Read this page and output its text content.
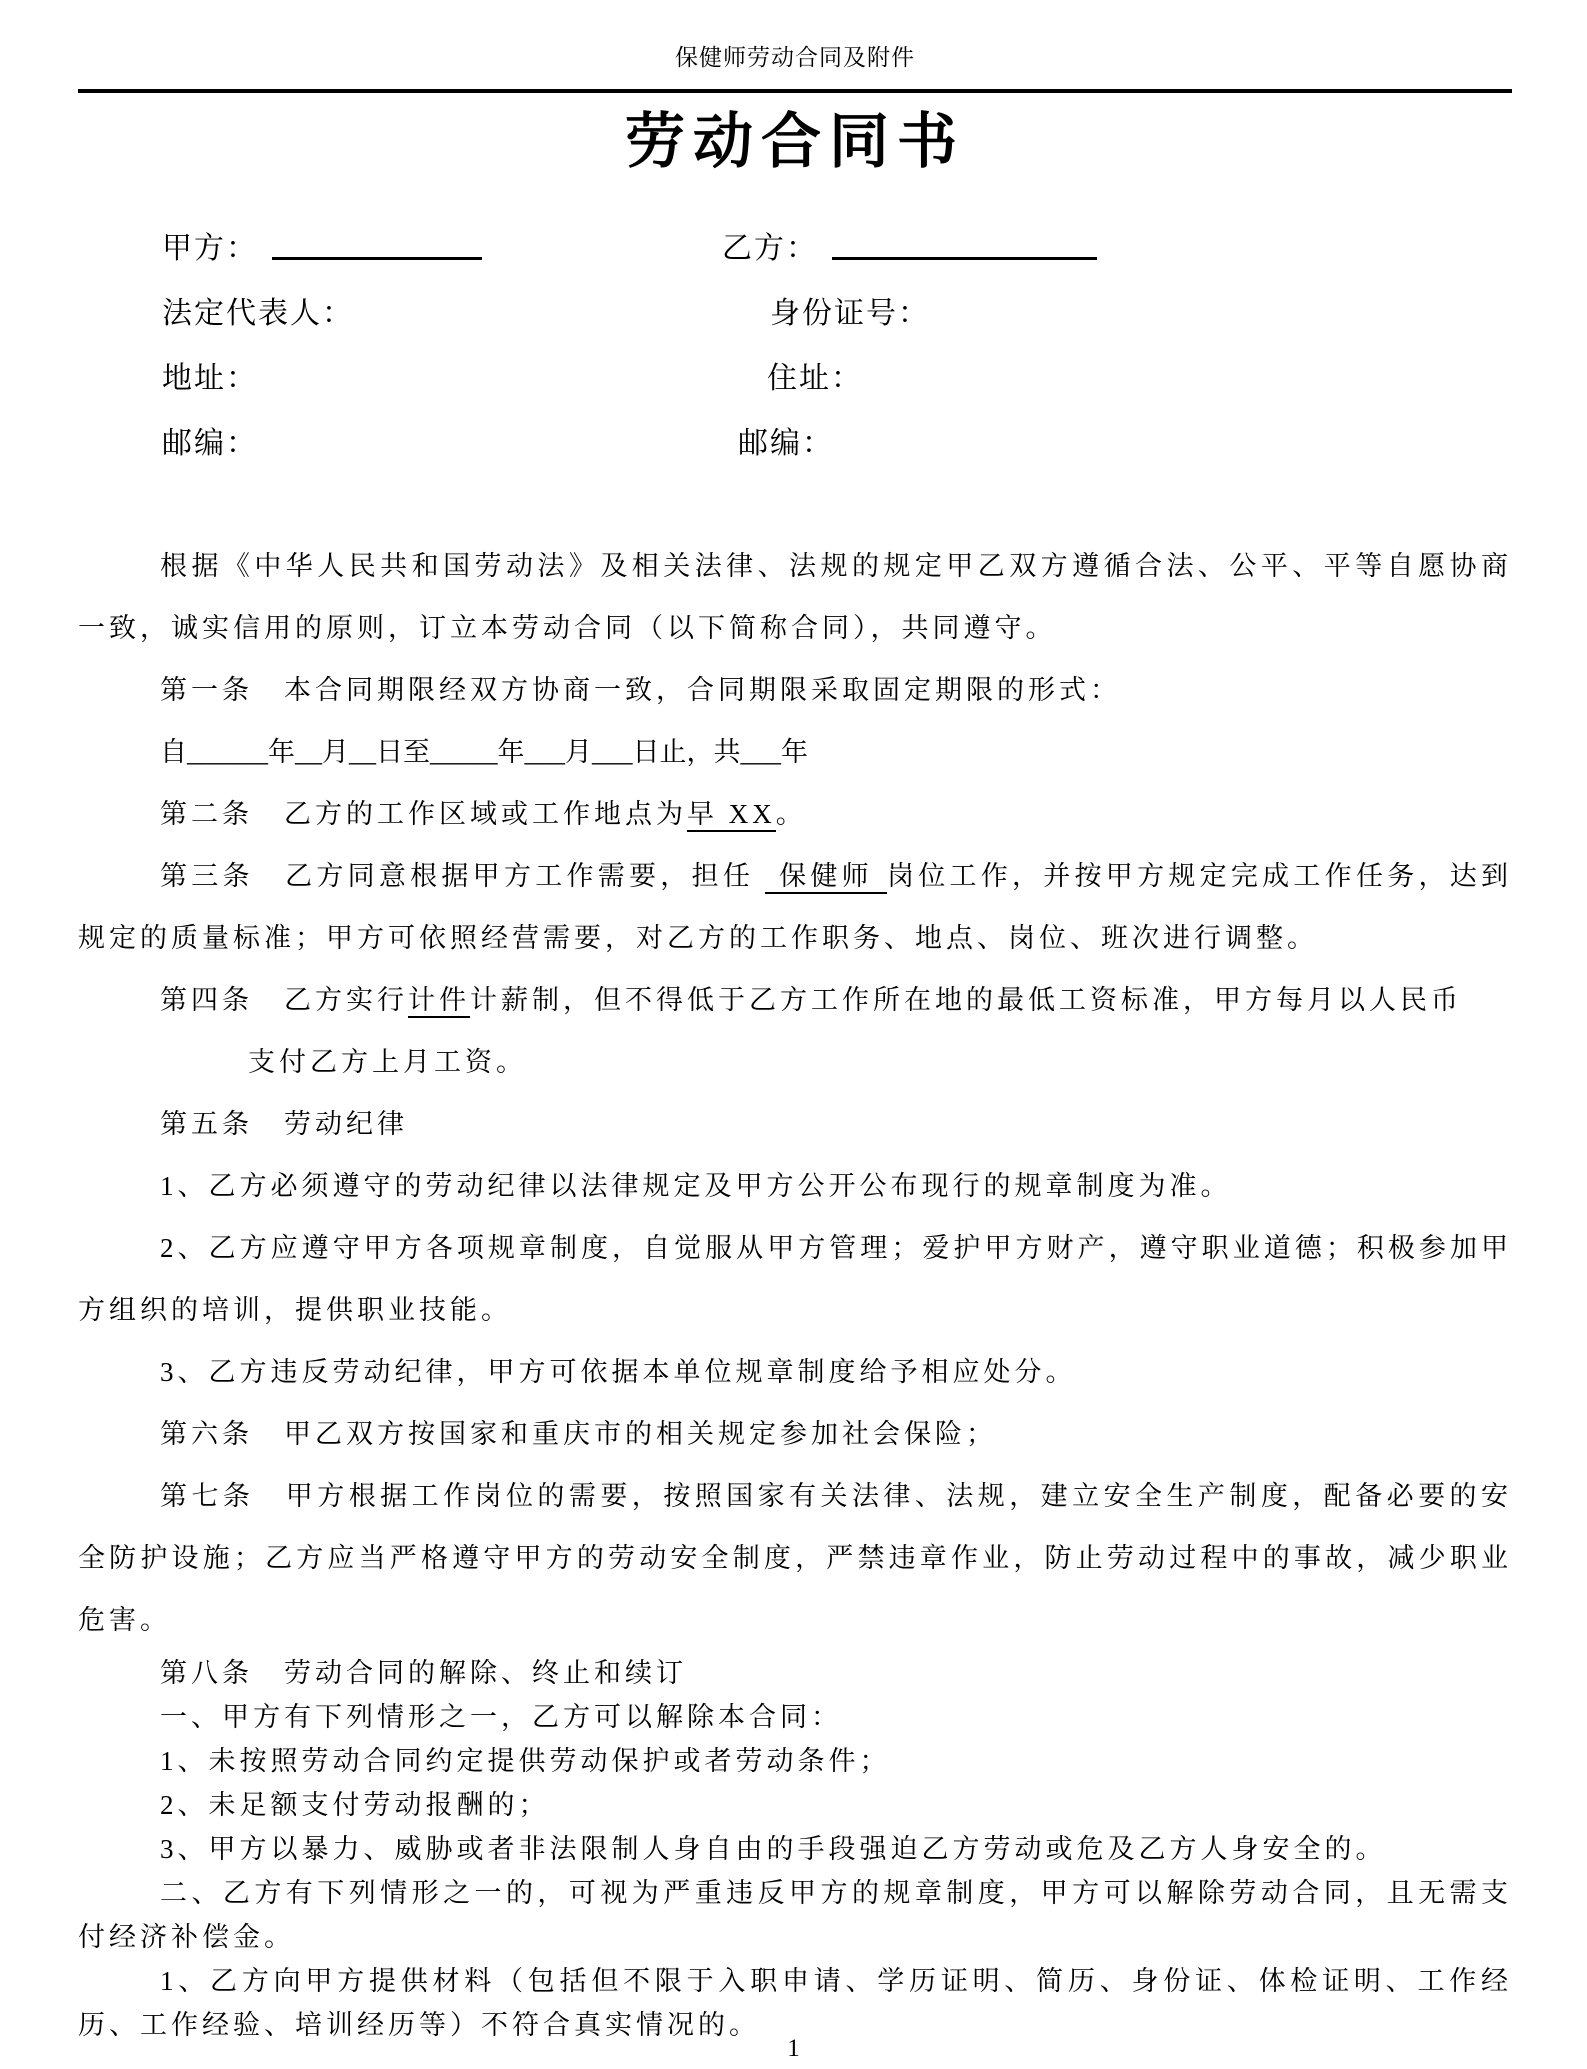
保健师劳动合同及附件
劳动合同书
甲方：	乙方：
法定代表人：	身份证号：
地址：	住址：
邮编：	邮编：

根据《中华人民共和国劳动法》及相关法律、法规的规定甲乙双方遵循合法、公平、平等自愿协商一致，诚实信用的原则，订立本劳动合同（以下简称合同），共同遵守。

第一条　本合同期限经双方协商一致，合同期限采取固定期限的形式：

自______年__月__日至_____年___月___日止，共___年

第二条　乙方的工作区域或工作地点为早 XX。

第三条　乙方同意根据甲方工作需要，担任 保健师 岗位工作，并按甲方规定完成工作任务，达到规定的质量标准；甲方可依照经营需要，对乙方的工作职务、地点、岗位、班次进行调整。

第四条　乙方实行计件计薪制，但不得低于乙方工作所在地的最低工资标准，甲方每月以人民币

支付乙方上月工资。

第五条　劳动纪律

1、乙方必须遵守的劳动纪律以法律规定及甲方公开公布现行的规章制度为准。

2、乙方应遵守甲方各项规章制度，自觉服从甲方管理；爱护甲方财产，遵守职业道德；积极参加甲方组织的培训，提供职业技能。

3、乙方违反劳动纪律，甲方可依据本单位规章制度给予相应处分。

第六条　甲乙双方按国家和重庆市的相关规定参加社会保险；

第七条　甲方根据工作岗位的需要，按照国家有关法律、法规，建立安全生产制度，配备必要的安全防护设施；乙方应当严格遵守甲方的劳动安全制度，严禁违章作业，防止劳动过程中的事故，减少职业危害。

第八条　劳动合同的解除、终止和续订

一、甲方有下列情形之一，乙方可以解除本合同：

1、未按照劳动合同约定提供劳动保护或者劳动条件；

2、未足额支付劳动报酬的；

3、甲方以暴力、威胁或者非法限制人身自由的手段强迫乙方劳动或危及乙方人身安全的。

二、乙方有下列情形之一的，可视为严重违反甲方的规章制度，甲方可以解除劳动合同，且无需支付经济补偿金。

1、乙方向甲方提供材料（包括但不限于入职申请、学历证明、简历、身份证、体检证明、工作经历、工作经验、培训经历等）不符合真实情况的。

1
